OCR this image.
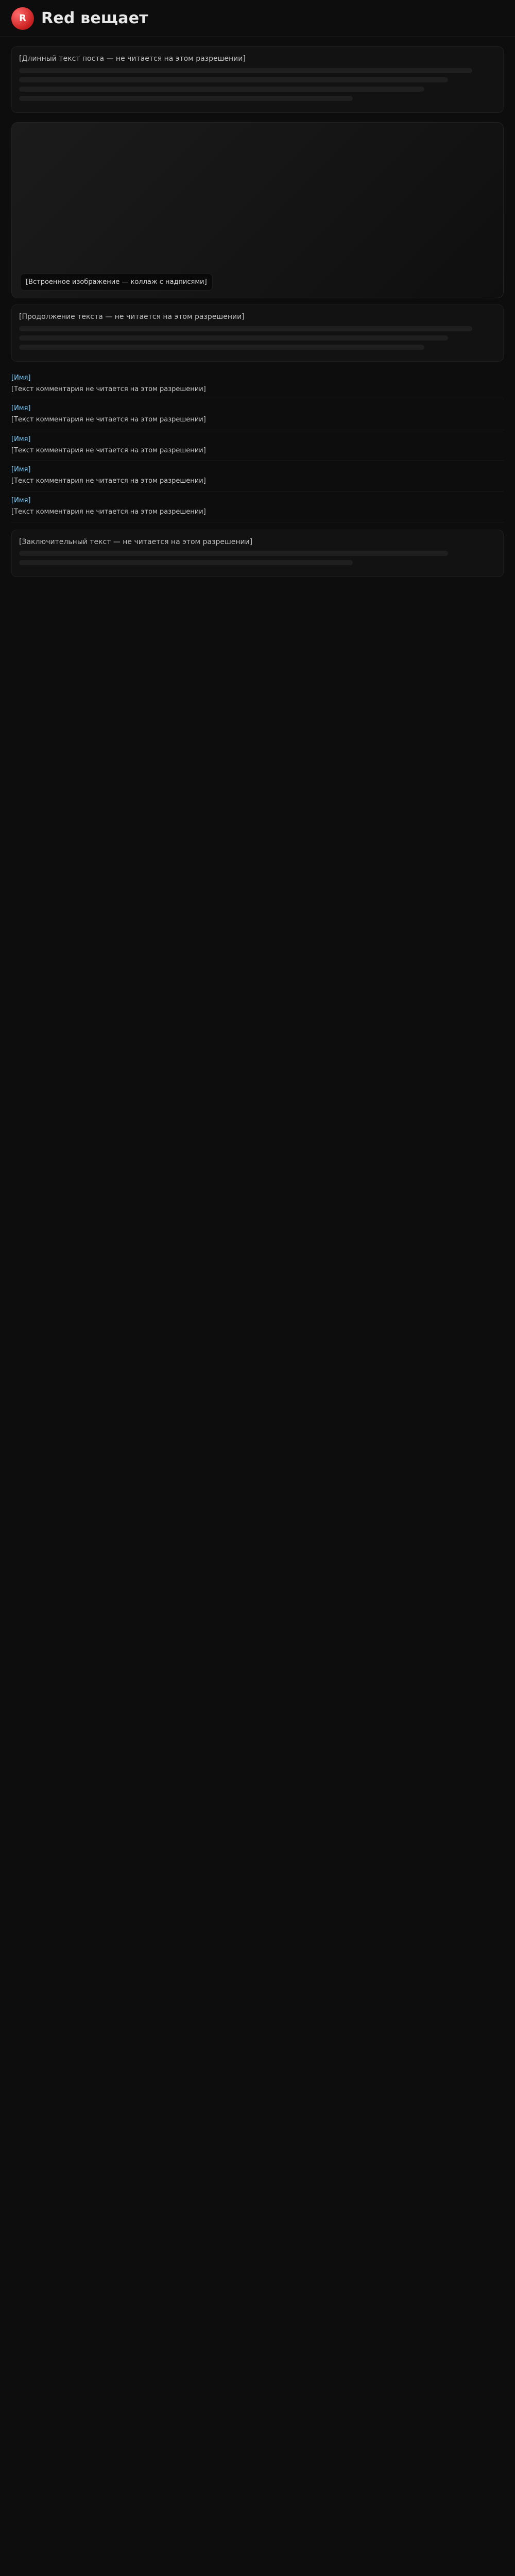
R Red вещает
[Длинный текст поста — не читается на этом разрешении]
[Встроенное изображение — коллаж с надписями]
[Продолжение текста — не читается на этом разрешении]
[Имя]
[Текст комментария не читается на этом разрешении]
[Имя]
[Текст комментария не читается на этом разрешении]
[Имя]
[Текст комментария не читается на этом разрешении]
[Имя]
[Текст комментария не читается на этом разрешении]
[Имя]
[Текст комментария не читается на этом разрешении]
[Заключительный текст — не читается на этом разрешении]
